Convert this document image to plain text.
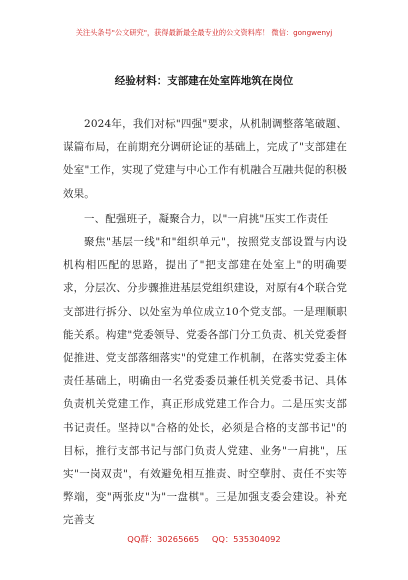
关注头条号"公文研究"，获得最新最全最专业的公文资料库！ 微信：gongwenyj
经验材料：支部建在处室阵地筑在岗位

2024年，我们对标"四强"要求，从机制调整落笔破题、谋篇布局，在前期充分调研论证的基础上，完成了"支部建在处室"工作，实现了党建与中心工作有机融合互融共促的积极效果。

一、配强班子，凝聚合力，以"一肩挑"压实工作责任

聚焦"基层一线"和"组织单元"，按照党支部设置与内设机构相匹配的思路，提出了"把支部建在处室上"的明确要求，分层次、分步骤推进基层党组织建设，对原有4个联合党支部进行拆分、以处室为单位成立10个党支部。一是理顺职能关系。构建"党委领导、党委各部门分工负责、机关党委督促推进、党支部落细落实"的党建工作机制，在落实党委主体责任基础上，明确由一名党委委员兼任机关党委书记、具体负责机关党建工作，真正形成党建工作合力。二是压实支部书记责任。坚持以"合格的处长，必须是合格的支部书记"的目标，推行支部书记与部门负责人党建、业务"一肩挑"，压实"一岗双责"，有效避免相互推责、时空孽肘、责任不实等弊端，变"两张皮"为"一盘棋"。三是加强支委会建设。补充完善支

QQ群：30265665 QQ：535304092
